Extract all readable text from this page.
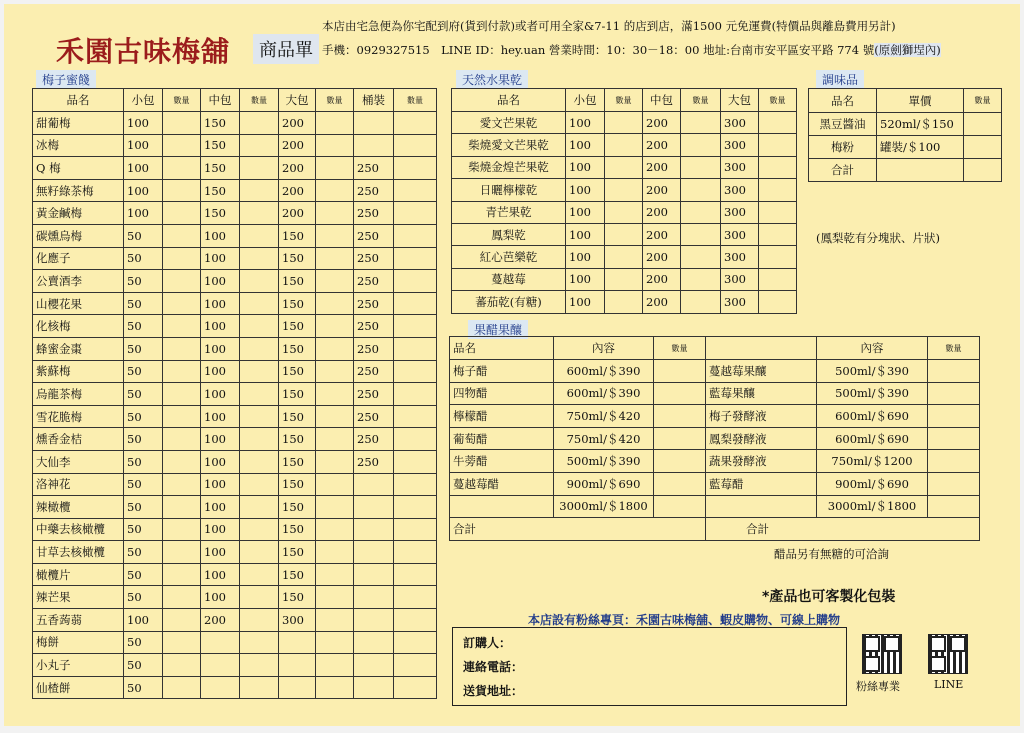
禾園古味梅舖	商品單
本店由宅急便為你宅配到府(貨到付款)或者可用全家&7-11 的店到店，滿1500 元免運費(特價品與離島費用另計)
手機：0929327515　LINE ID：hey.uan 營業時間：10：30－18：00 地址:台南市安平區安平路 774 號(原劍獅埕內)
梅子蜜餞
品名	小包	數量	中包	數量	大包	數量	桶裝	數量
甜葡梅	100		150		200			
冰梅	100		150		200			
Q 梅	100		150		200		250	
無籽綠茶梅	100		150		200		250	
黃金鹹梅	100		150		200		250	
碳燻烏梅	50		100		150		250	
化應子	50		100		150		250	
公賣酒李	50		100		150		250	
山櫻花果	50		100		150		250	
化核梅	50		100		150		250	
蜂蜜金棗	50		100		150		250	
紫蘇梅	50		100		150		250	
烏龍茶梅	50		100		150		250	
雪花脆梅	50		100		150		250	
燻香金桔	50		100		150		250	
大仙李	50		100		150		250	
洛神花	50		100		150			
辣橄欖	50		100		150			
中藥去核橄欖	50		100		150			
甘草去核橄欖	50		100		150			
橄欖片	50		100		150			
辣芒果	50		100		150			
五香蒟蒻	100		200		300			
梅餅	50							
小丸子	50							
仙楂餅	50							
天然水果乾
品名	小包	數量	中包	數量	大包	數量
愛文芒果乾	100		200		300	
柴燒愛文芒果乾	100		200		300	
柴燒金煌芒果乾	100		200		300	
日曬檸檬乾	100		200		300	
青芒果乾	100		200		300	
鳳梨乾	100		200		300	
紅心芭樂乾	100		200		300	
蔓越莓	100		200		300	
蕃茄乾(有糖)	100		200		300	
(鳳梨乾有分塊狀、片狀)
調味品
品名	單價	數量
黑豆醬油	520ml/＄150	
梅粉	罐裝/＄100	
合計		
果醋果釀
品名	內容	數量		內容	數量
梅子醋	600ml/＄390		蔓越莓果釀	500ml/＄390	
四物醋	600ml/＄390		藍莓果釀	500ml/＄390	
檸檬醋	750ml/＄420		梅子發酵液	600ml/＄690	
葡萄醋	750ml/＄420		鳳梨發酵液	600ml/＄690	
牛蒡醋	500ml/＄390		蔬果發酵液	750ml/＄1200	
蔓越莓醋	900ml/＄690		藍莓醋	900ml/＄690	
	3000ml/＄1800			3000ml/＄1800	
合計			合計		
醋品另有無糖的可洽詢
*產品也可客製化包裝
本店設有粉絲專頁：禾園古味梅舖、蝦皮購物、可線上購物
訂購人：
連絡電話：
送貨地址：	粉絲專業	LINE
